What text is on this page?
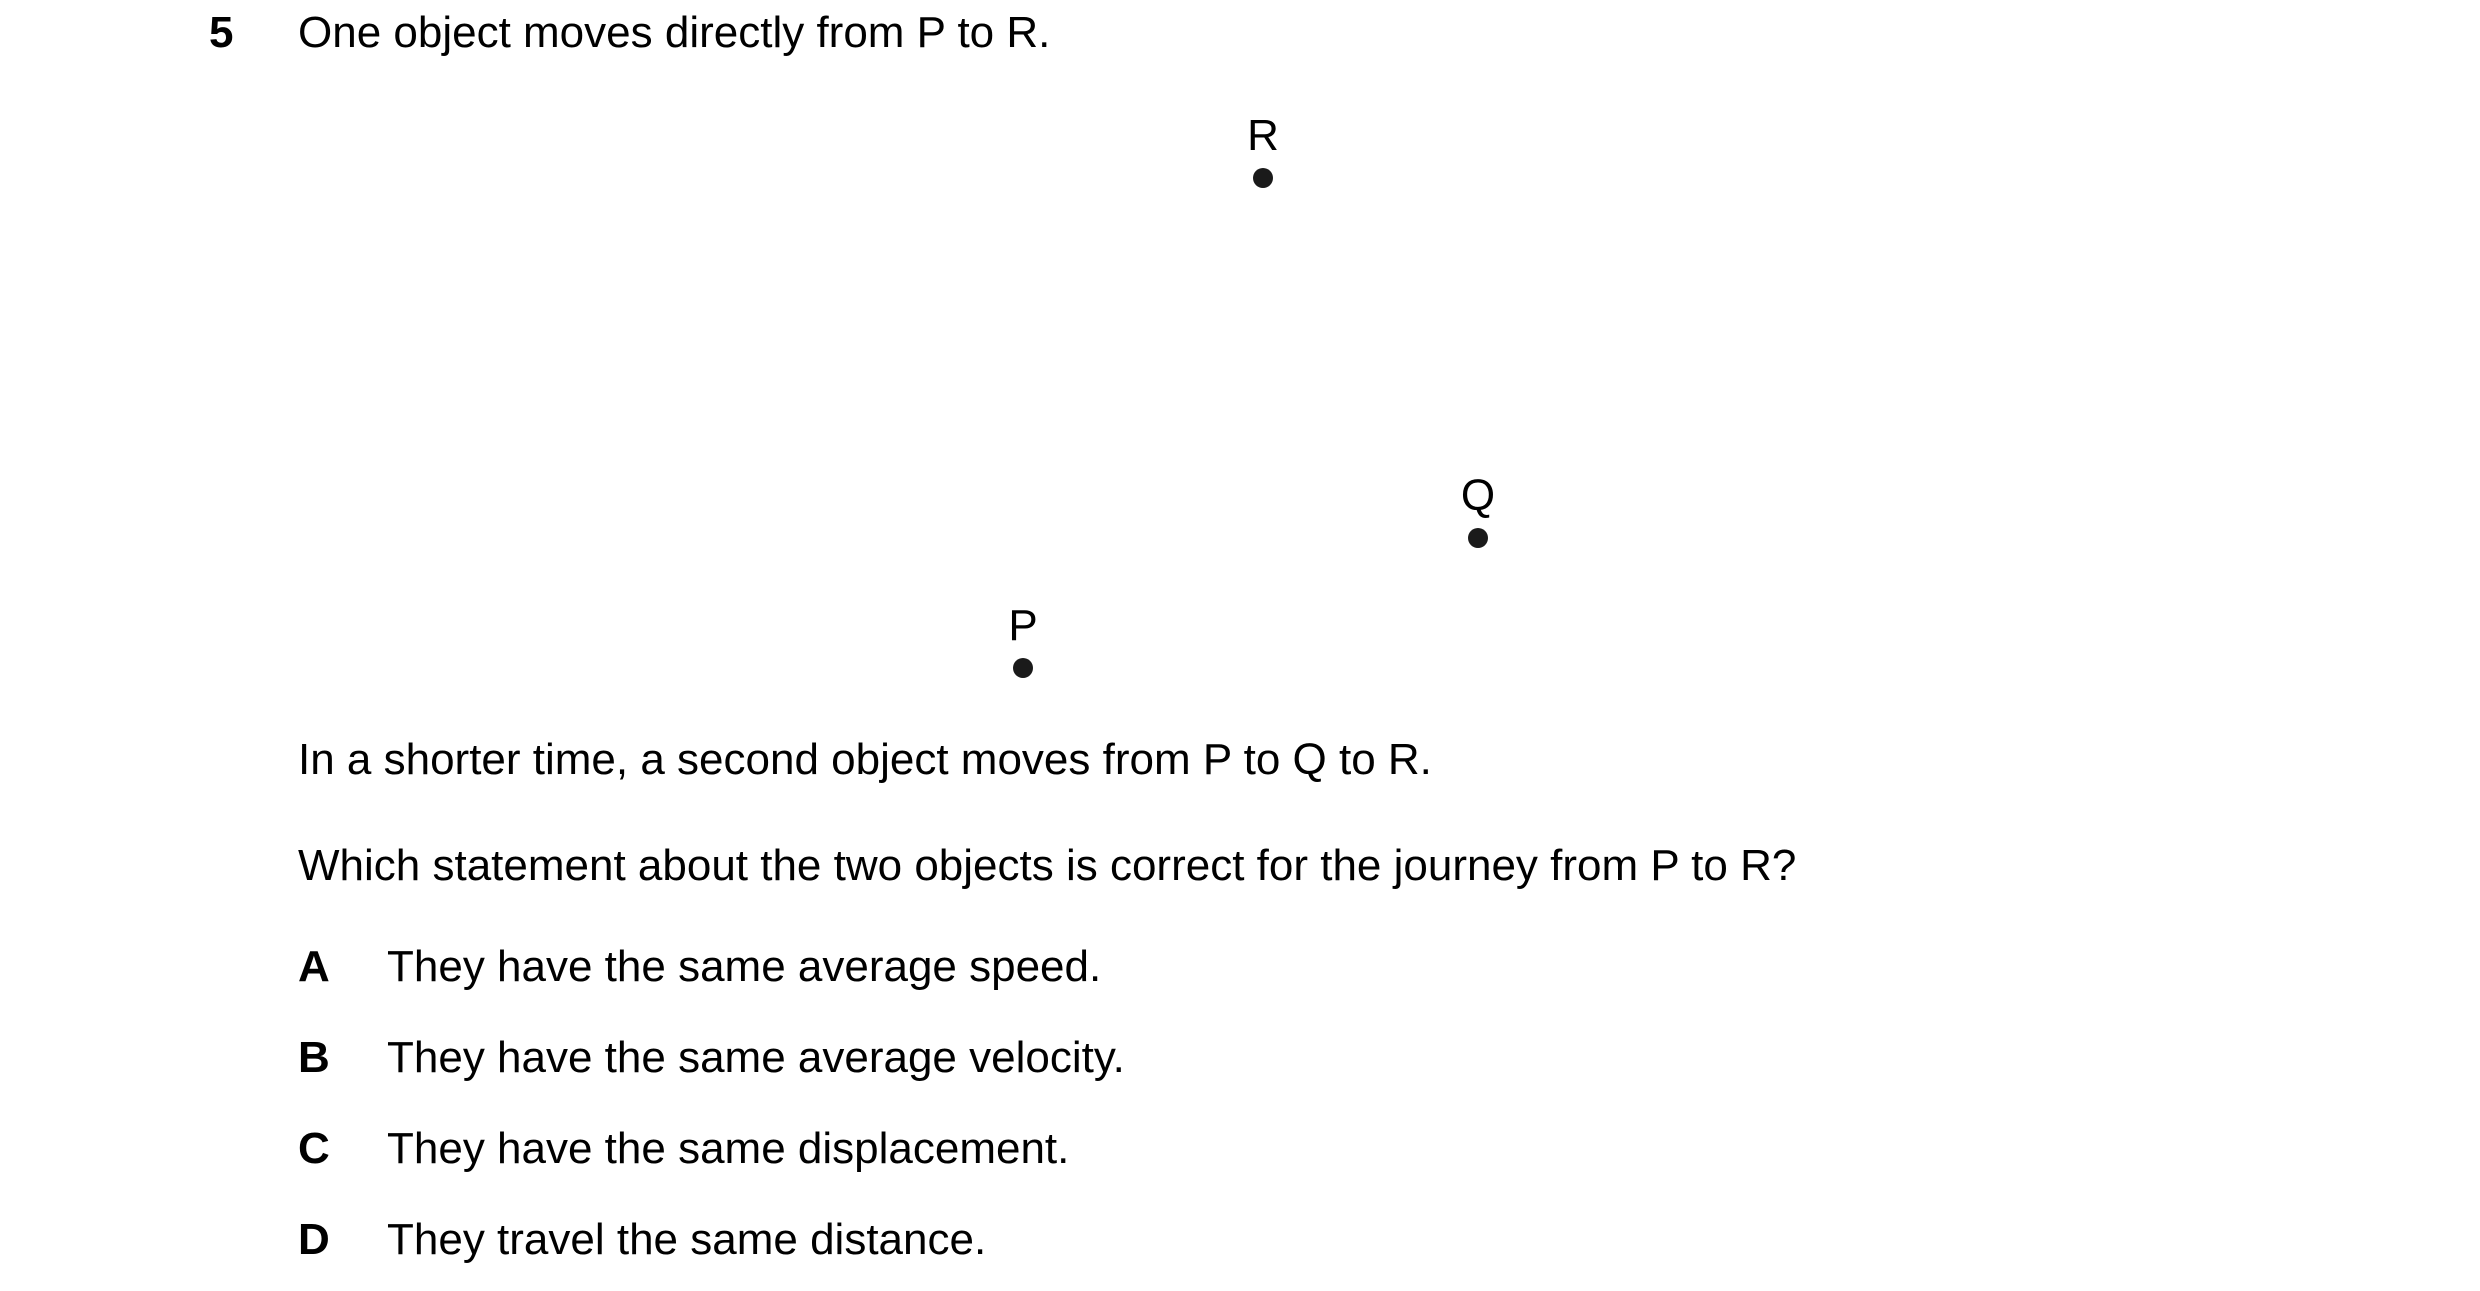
5 One object moves directly from P to R.
R
Q
P
In a shorter time, a second object moves from P to Q to R.
Which statement about the two objects is correct for the journey from P to R?
A They have the same average speed.
B They have the same average velocity.
C They have the same displacement.
D They travel the same distance.
